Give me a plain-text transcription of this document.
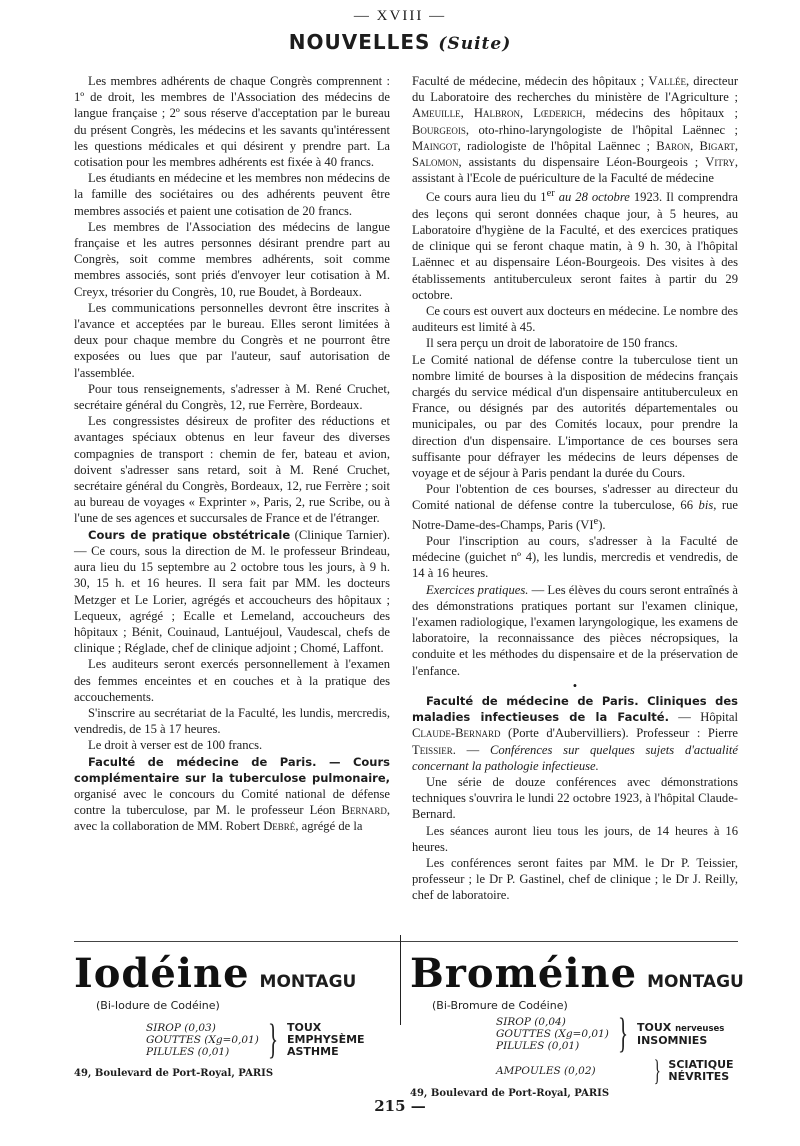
— XVIII —
NOUVELLES (Suite)

Les membres adhérents de chaque Congrès comprennent : 1º de droit, les membres de l'Association des médecins de langue française ; 2º sous réserve d'acceptation par le bureau du présent Congrès, les médecins et les savants qu'intéressent les questions médicales et qui désirent y prendre part. La cotisation pour les membres adhérents est fixée à 40 francs.

Les étudiants en médecine et les membres non médecins de la famille des sociétaires ou des adhérents peuvent être membres associés et paient une cotisation de 20 francs.

Les membres de l'Association des médecins de langue française et les autres personnes désirant prendre part au Congrès, soit comme membres adhérents, soit comme membres associés, sont priés d'envoyer leur cotisation à M. Creyx, trésorier du Congrès, 10, rue Boudet, à Bordeaux.

Les communications personnelles devront être inscrites à l'avance et acceptées par le bureau. Elles seront limitées à deux pour chaque membre du Congrès et ne pourront être exposées ou lues que par l'auteur, sauf autorisation de l'assemblée.

Pour tous renseignements, s'adresser à M. René Cruchet, secrétaire général du Congrès, 12, rue Ferrère, Bordeaux.

Les congressistes désireux de profiter des réductions et avantages spéciaux obtenus en leur faveur des diverses compagnies de transport : chemin de fer, bateau et avion, doivent s'adresser sans retard, soit à M. René Cruchet, secrétaire général du Congrès, Bordeaux, 12, rue Ferrère ; soit au bureau de voyages « Exprinter », Paris, 2, rue Scribe, ou à l'une de ses agences et succursales de France et de l'étranger.

Cours de pratique obstétricale (Clinique Tarnier). — Ce cours, sous la direction de M. le professeur Brindeau, aura lieu du 15 septembre au 2 octobre tous les jours, à 9 h. 30, 15 h. et 16 heures. Il sera fait par MM. les docteurs Metzger et Le Lorier, agrégés et accoucheurs des hôpitaux ; Lequeux, agrégé ; Ecalle et Lemeland, accoucheurs des hôpitaux ; Bénit, Couinaud, Lantuéjoul, Vaudescal, chefs de clinique ; Réglade, chef de clinique adjoint ; Chomé, Laffont.

Les auditeurs seront exercés personnellement à l'examen des femmes enceintes et en couches et à la pratique des accouchements.

S'inscrire au secrétariat de la Faculté, les lundis, mercredis, vendredis, de 15 à 17 heures.

Le droit à verser est de 100 francs.

Faculté de médecine de Paris. — Cours complémentaire sur la tuberculose pulmonaire, organisé avec le concours du Comité national de défense contre la tuberculose, par M. le professeur Léon Bernard, avec la collaboration de MM. Robert Debré, agrégé de la

Faculté de médecine, médecin des hôpitaux ; Vallée, directeur du Laboratoire des recherches du ministère de l'Agriculture ; Ameuille, Halbron, Lœderich, médecins des hôpitaux ; Bourgeois, oto-rhino-laryngologiste de l'hôpital Laënnec ; Maingot, radiologiste de l'hôpital Laënnec ; Baron, Bigart, Salomon, assistants du dispensaire Léon-Bourgeois ; Vitry, assistant à l'Ecole de puériculture de la Faculté de médecine

Ce cours aura lieu du 1er au 28 octobre 1923. Il comprendra des leçons qui seront données chaque jour, à 5 heures, au Laboratoire d'hygiène de la Faculté, et des exercices pratiques de clinique qui se feront chaque matin, à 9 h. 30, à l'hôpital Laënnec et au dispensaire Léon-Bourgeois. Des visites à des établissements antituberculeux seront faites à partir du 29 octobre.

Ce cours est ouvert aux docteurs en médecine. Le nombre des auditeurs est limité à 45.

Il sera perçu un droit de laboratoire de 150 francs.

Le Comité national de défense contre la tuberculose tient un nombre limité de bourses à la disposition de médecins français chargés du service médical d'un dispensaire antituberculeux en France, ou désignés par des autorités départementales ou municipales, ou par des Comités locaux, pour prendre la direction d'un dispensaire. L'importance de ces bourses sera suffisante pour défrayer les médecins de leurs dépenses de voyage et de séjour à Paris pendant la durée du Cours.

Pour l'obtention de ces bourses, s'adresser au directeur du Comité national de défense contre la tuberculose, 66 bis, rue Notre-Dame-des-Champs, Paris (VIe).

Pour l'inscription au cours, s'adresser à la Faculté de médecine (guichet nº 4), les lundis, mercredis et vendredis, de 14 à 16 heures.

Exercices pratiques. — Les élèves du cours seront entraînés à des démonstrations pratiques portant sur l'examen clinique, l'examen radiologique, l'examen laryngologique, les examens de laboratoire, la reconnaissance des pièces nécropsiques, la conduite et les méthodes du dispensaire et de la préservation de l'enfance.

•

Faculté de médecine de Paris. Cliniques des maladies infectieuses de la Faculté. — Hôpital Claude-Bernard (Porte d'Aubervilliers). Professeur : Pierre Teissier. — Conférences sur quelques sujets d'actualité concernant la pathologie infectieuse.

Une série de douze conférences avec démonstrations techniques s'ouvrira le lundi 22 octobre 1923, à l'hôpital Claude-Bernard.

Les séances auront lieu tous les jours, de 14 heures à 16 heures.

Les conférences seront faites par MM. le Dr P. Teissier, professeur ; le Dr P. Gastinel, chef de clinique ; le Dr J. Reilly, chef de laboratoire.

Iodéine MONTAGU
(Bi-Iodure de Codéine)
SIROP (0,03)
GOUTTES (Xg=0,01)
PILULES (0,01) } TOUX
EMPHYSÈME
ASTHME
49, Boulevard de Port-Royal, PARIS
Broméine MONTAGU
(Bi-Bromure de Codéine)
SIROP (0,04)
GOUTTES (Xg=0,01)
PILULES (0,01) } TOUX nerveuses
INSOMNIES
AMPOULES (0,02)	} SCIATIQUE
NÉVRITES
49, Boulevard de Port-Royal, PARIS
215 —
